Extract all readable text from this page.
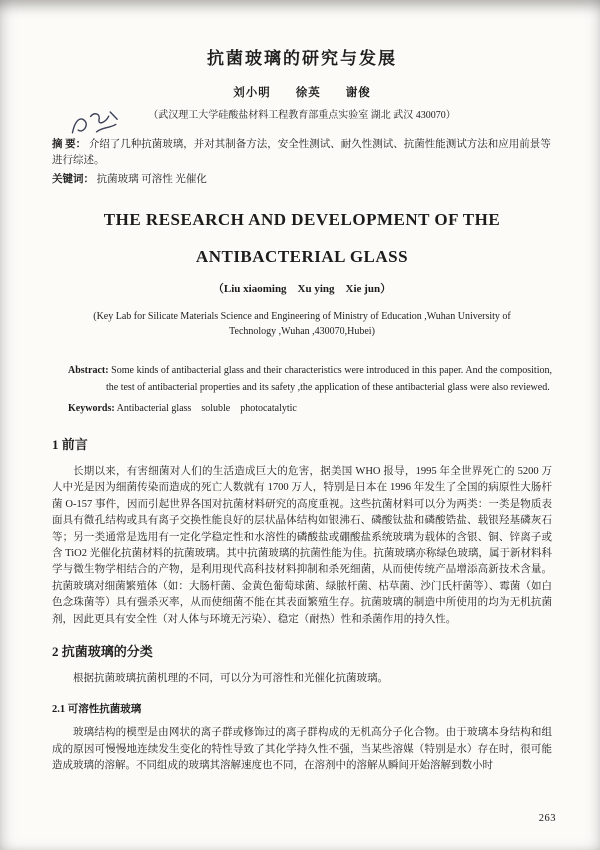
抗菌玻璃的研究与发展
刘小明　　徐英　　谢俊
（武汉理工大学硅酸盐材料工程教育部重点实验室 湖北 武汉 430070）
摘 要： 介绍了几种抗菌玻璃，并对其制备方法，安全性测试、耐久性测试、抗菌性能测试方法和应用前景等进行综述。
关键词： 抗菌玻璃 可溶性 光催化
THE RESEARCH AND DEVELOPMENT OF THE
ANTIBACTERIAL GLASS
（Liu xiaoming　Xu ying　Xie jun）
(Key Lab for Silicate Materials Science and Engineering of Ministry of Education ,Wuhan University of
Technology ,Wuhan ,430070,Hubei)

Abstract: Some kinds of antibacterial glass and their characteristics were introduced in this paper. And the composition, the test of antibacterial properties and its safety ,the application of these antibacterial glass were also reviewed.

Keywords: Antibacterial glass　soluble　photocatalytic

1 前言

长期以来，有害细菌对人们的生活造成巨大的危害，据美国 WHO 报导，1995 年全世界死亡的 5200 万人中光是因为细菌传染而造成的死亡人数就有 1700 万人，特别是日本在 1996 年发生了全国的病原性大肠杆菌 O-157 事件，因而引起世界各国对抗菌材料研究的高度重视。这些抗菌材料可以分为两类：一类是物质表面具有微孔结构或具有离子交换性能良好的层状晶体结构如银沸石、磷酸钛盐和磷酸锆盐、载银羟基磷灰石等；另一类通常是选用有一定化学稳定性和水溶性的磷酸盐或硼酸盐系统玻璃为载体的含银、铜、锌离子或含 TiO2 光催化抗菌材料的抗菌玻璃。其中抗菌玻璃的抗菌性能为佳。抗菌玻璃亦称绿色玻璃，属于新材料科学与微生物学相结合的产物，是利用现代高科技材料抑制和杀死细菌，从而使传统产品增添高新技术含量。抗菌玻璃对细菌繁殖体（如：大肠杆菌、金黄色葡萄球菌、绿脓杆菌、枯草菌、沙门氏杆菌等）、霉菌（如白色念珠菌等）具有强杀灭率，从而使细菌不能在其表面繁殖生存。抗菌玻璃的制造中所使用的均为无机抗菌剂，因此更具有安全性（对人体与环境无污染）、稳定（耐热）性和杀菌作用的持久性。

2 抗菌玻璃的分类

根据抗菌玻璃抗菌机理的不同，可以分为可溶性和光催化抗菌玻璃。

2.1 可溶性抗菌玻璃

玻璃结构的模型是由网状的离子群或修饰过的离子群构成的无机高分子化合物。由于玻璃本身结构和组成的原因可慢慢地连续发生变化的特性导致了其化学持久性不强，当某些溶媒（特别是水）存在时，很可能造成玻璃的溶解。不同组成的玻璃其溶解速度也不同，在溶剂中的溶解从瞬间开始溶解到数小时

263
